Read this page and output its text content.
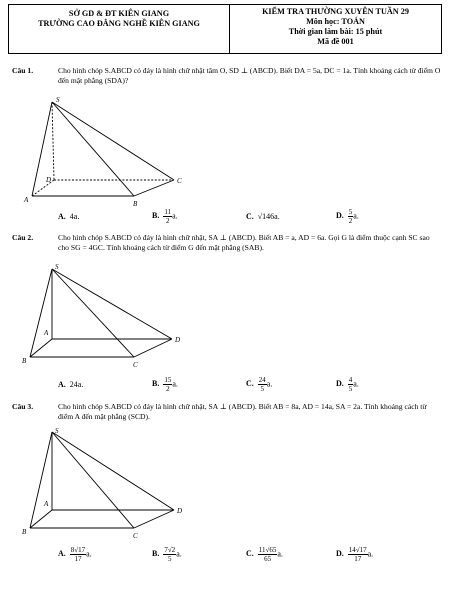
SỞ GD & ĐT KIÊN GIANG
TRƯỜNG CAO ĐẲNG NGHỀ KIÊN GIANG
KIỂM TRA THƯỜNG XUYÊN TUẦN 29
Môn học: TOÁN
Thời gian làm bài: 15 phút
Mã đề 001
Câu 1.	Cho hình chóp S.ABCD có đáy là hình chữ nhật tâm O, SD ⊥ (ABCD). Biết DA = 5a, DC = 1a. Tính khoảng cách từ điểm O đến mặt phẳng (SDA)?
S
A	B
C
D
A. 4a.	B. $\frac{11}{2} a$.	C. √146a.	D. $\frac{5}{2} a$.
Câu 2.	Cho hình chóp S.ABCD có đáy là hình chữ nhật, SA ⊥ (ABCD). Biết AB = a, AD = 6a. Gọi G là điểm thuộc cạnh SC sao cho SG = 4GC. Tính khoảng cách từ điểm G đến mặt phẳng (SAB).
S
A
B	C
D
A. 24a.	B. $\frac{15}{2} a$.	C. $\frac{24}{5} a$.	D. $\frac{4}{5} a$.
Câu 3.	Cho hình chóp S.ABCD có đáy là hình chữ nhật, SA ⊥ (ABCD). Biết AB = 8a, AD = 14a, SA = 2a. Tính khoảng cách từ điểm A đến mặt phẳng (SCD).
S
A
B	C
D
A. $\frac{8√17}{17} a$.	B. $\frac{7√2}{5} a$.	C. $\frac{11√65}{65} a$.	D. $\frac{14√17}{17} a$.
